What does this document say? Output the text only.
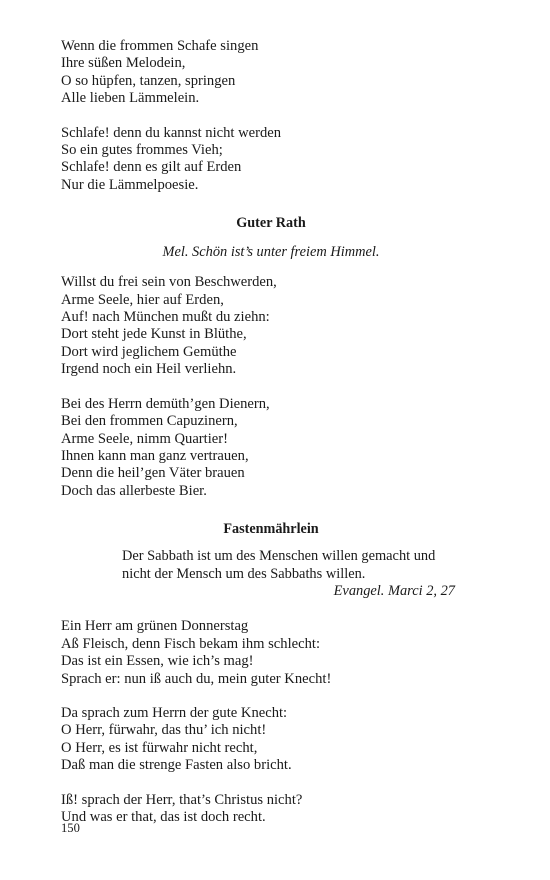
Wenn die frommen Schafe singen
Ihre süßen Melodein,
O so hüpfen, tanzen, springen
Alle lieben Lämmelein.
Schlafe! denn du kannst nicht werden
So ein gutes frommes Vieh;
Schlafe! denn es gilt auf Erden
Nur die Lämmelpoesie.
Guter Rath
Mel. Schön ist’s unter freiem Himmel.
Willst du frei sein von Beschwerden,
Arme Seele, hier auf Erden,
Auf! nach München mußt du ziehn:
Dort steht jede Kunst in Blüthe,
Dort wird jeglichem Gemüthe
Irgend noch ein Heil verliehn.
Bei des Herrn demüth’gen Dienern,
Bei den frommen Capuzinern,
Arme Seele, nimm Quartier!
Ihnen kann man ganz vertrauen,
Denn die heil’gen Väter brauen
Doch das allerbeste Bier.
Fastenmährlein
Der Sabbath ist um des Menschen willen gemacht und
nicht der Mensch um des Sabbaths willen.
Evangel. Marci 2, 27
Ein Herr am grünen Donnerstag
Aß Fleisch, denn Fisch bekam ihm schlecht:
Das ist ein Essen, wie ich’s mag!
Sprach er: nun iß auch du, mein guter Knecht!
Da sprach zum Herrn der gute Knecht:
O Herr, fürwahr, das thu’ ich nicht!
O Herr, es ist fürwahr nicht recht,
Daß man die strenge Fasten also bricht.
Iß! sprach der Herr, that’s Christus nicht?
Und was er that, das ist doch recht.
150
